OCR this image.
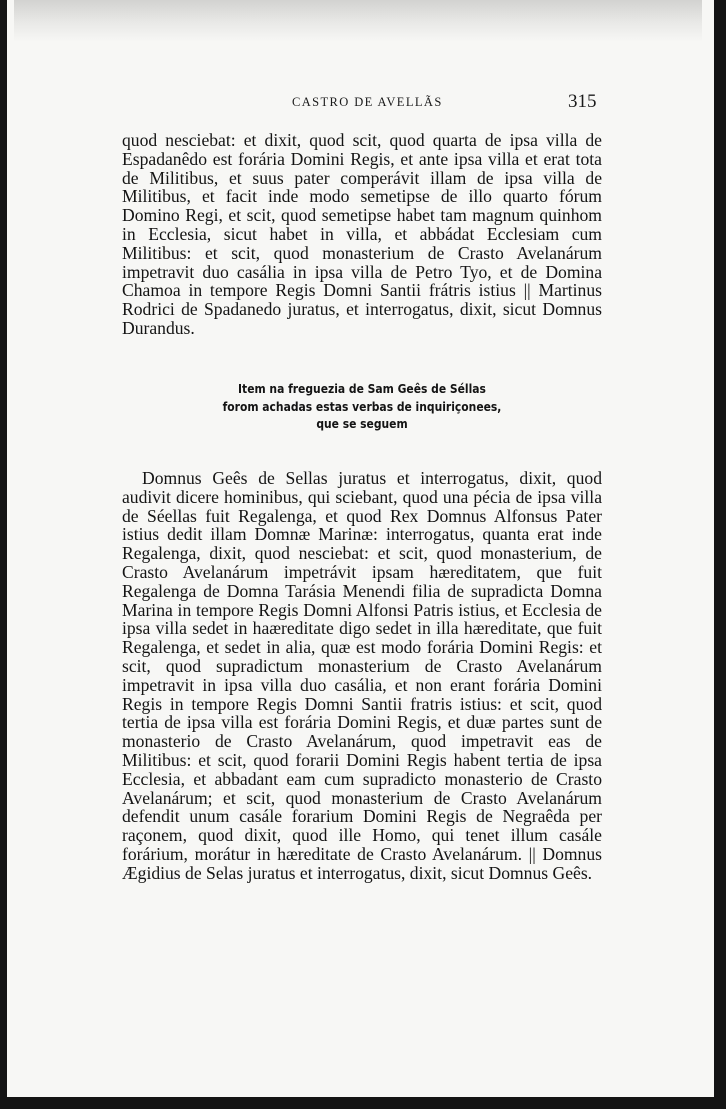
CASTRO DE AVELLÃS	315

quod nesciebat: et dixit, quod scit, quod quarta de ipsa villa de Espadanêdo est forária Domini Regis, et ante ipsa villa et erat tota de Militibus, et suus pater comperávit illam de ipsa villa de Militibus, et facit inde modo semetipse de illo quarto fórum Domino Regi, et scit, quod semetipse habet tam magnum quinhom in Ecclesia, sicut habet in villa, et abbádat Ecclesiam cum Militibus: et scit, quod monasterium de Crasto Avelanárum impetravit duo casália in ipsa villa de Petro Tyo, et de Domina Chamoa in tempore Regis Domni Santii frátris istius || Martinus Rodrici de Spadanedo juratus, et interrogatus, dixit, sicut Domnus Durandus.

Item na freguezia de Sam Geês de Séllas
forom achadas estas verbas de inquiriçonees,
que se seguem

Domnus Geês de Sellas juratus et interrogatus, dixit, quod audivit dicere hominibus, qui sciebant, quod una pécia de ipsa villa de Séellas fuit Regalenga, et quod Rex Domnus Alfonsus Pater istius dedit illam Domnæ Marinæ: interrogatus, quanta erat inde Regalenga, dixit, quod nesciebat: et scit, quod monasterium, de Crasto Avelanárum impetrávit ipsam hæreditatem, que fuit Regalenga de Domna Tarásia Menendi filia de supradicta Domna Marina in tempore Regis Domni Alfonsi Patris istius, et Ecclesia de ipsa villa sedet in haæreditate digo sedet in illa hæreditate, que fuit Regalenga, et sedet in alia, quæ est modo forária Domini Regis: et scit, quod supradictum monasterium de Crasto Avelanárum impetravit in ipsa villa duo casália, et non erant forária Domini Regis in tempore Regis Domni Santii fratris istius: et scit, quod tertia de ipsa villa est forária Domini Regis, et duæ partes sunt de monasterio de Crasto Avelanárum, quod impetravit eas de Militibus: et scit, quod forarii Domini Regis habent tertia de ipsa Ecclesia, et abbadant eam cum supradicto monasterio de Crasto Avelanárum; et scit, quod monasterium de Crasto Avelanárum defendit unum casále forarium Domini Regis de Negraêda per raçonem, quod dixit, quod ille Homo, qui tenet illum casále forárium, morátur in hæreditate de Crasto Avelanárum. || Domnus Ægidius de Selas juratus et interrogatus, dixit, sicut Domnus Geês.
